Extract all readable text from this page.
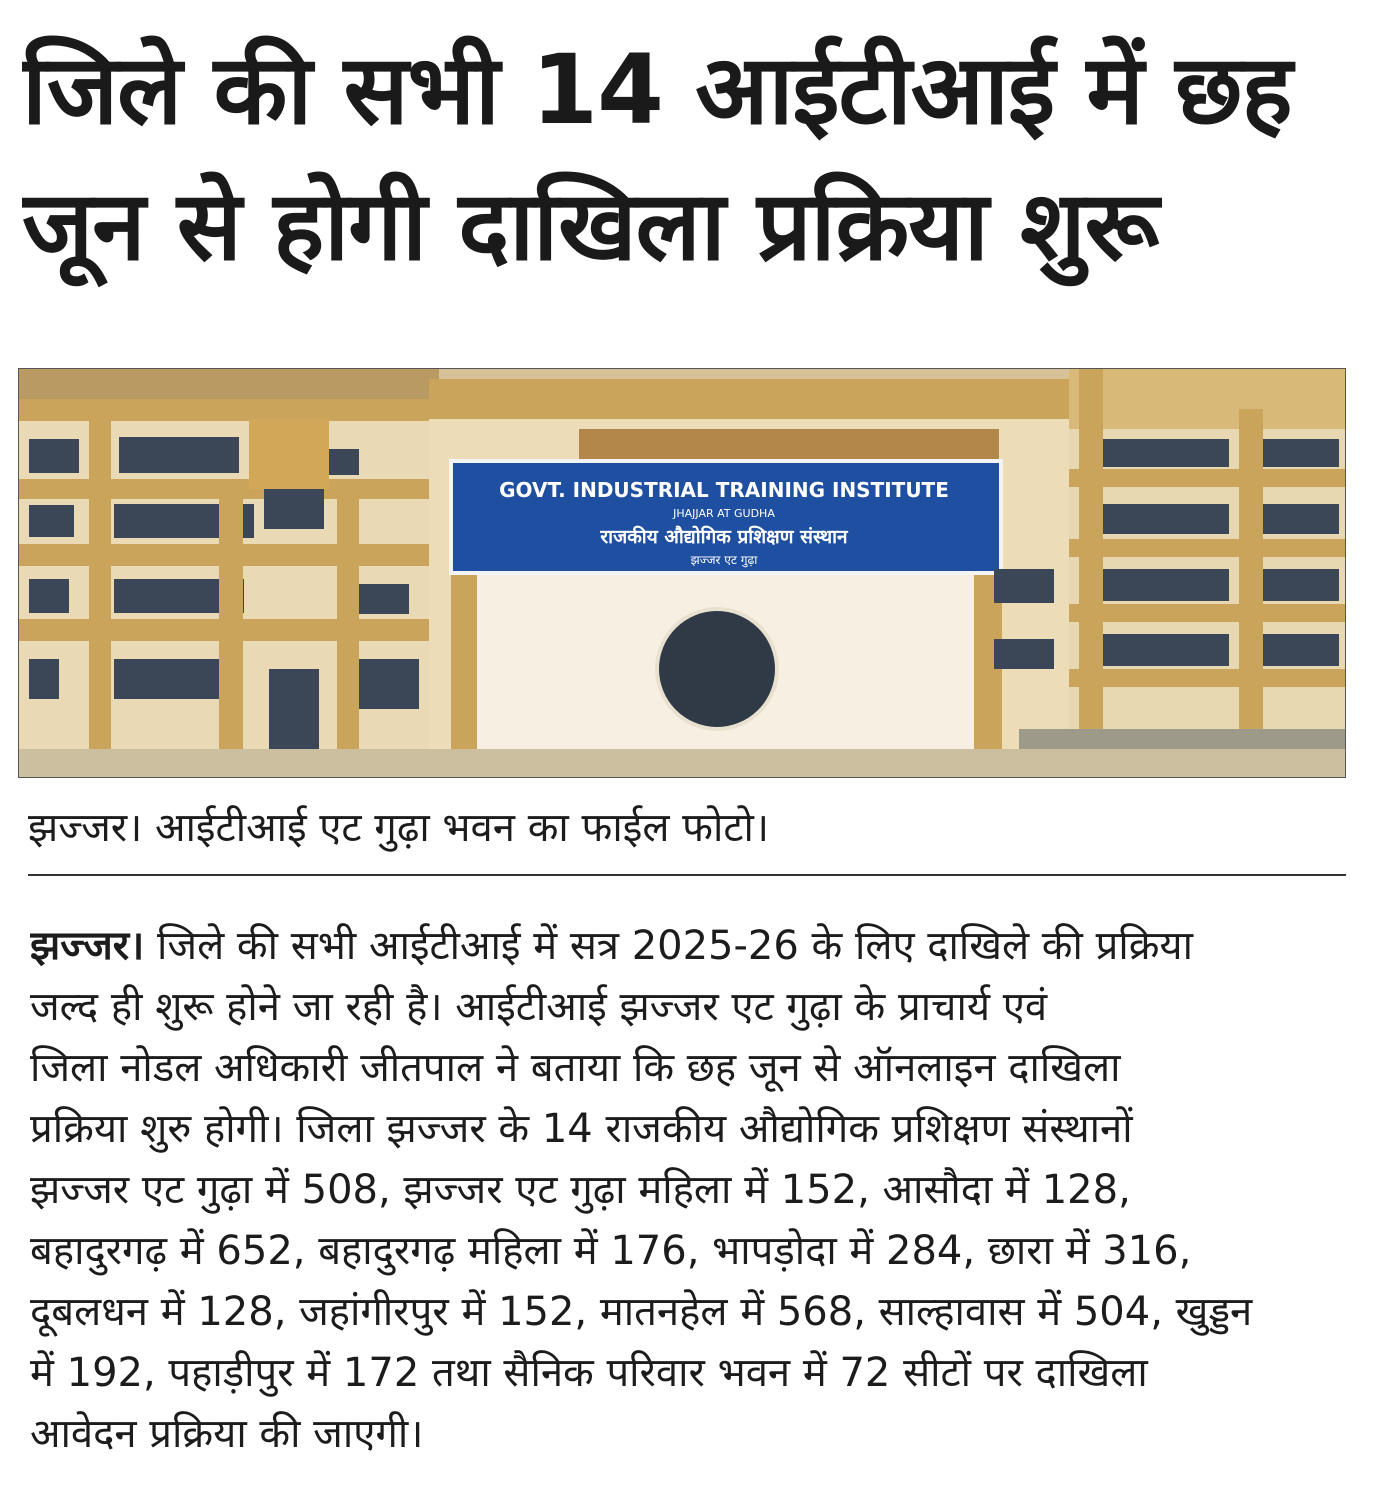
जिले की सभी 14 आईटीआई में छह
जून से होगी दाखिला प्रक्रिया शुरू
GOVT. INDUSTRIAL TRAINING INSTITUTE
JHAJJAR AT GUDHA
राजकीय औद्योगिक प्रशिक्षण संस्थान
झज्जर एट गुढ़ा

झज्जर। आईटीआई एट गुढ़ा भवन का फाईल फोटो।

झज्जर। जिले की सभी आईटीआई में सत्र 2025-26 के लिए दाखिले की प्रक्रिया
जल्द ही शुरू होने जा रही है। आईटीआई झज्जर एट गुढ़ा के प्राचार्य एवं
जिला नोडल अधिकारी जीतपाल ने बताया कि छह जून से ऑनलाइन दाखिला
प्रक्रिया शुरु होगी। जिला झज्जर के 14 राजकीय औद्योगिक प्रशिक्षण संस्थानों
झज्जर एट गुढ़ा में 508, झज्जर एट गुढ़ा महिला में 152, आसौदा में 128,
बहादुरगढ़ में 652, बहादुरगढ़ महिला में 176, भापड़ोदा में 284, छारा में 316,
दूबलधन में 128, जहांगीरपुर में 152, मातनहेल में 568, साल्हावास में 504, खुड्डन
में 192, पहाड़ीपुर में 172 तथा सैनिक परिवार भवन में 72 सीटों पर दाखिला
आवेदन प्रक्रिया की जाएगी।
